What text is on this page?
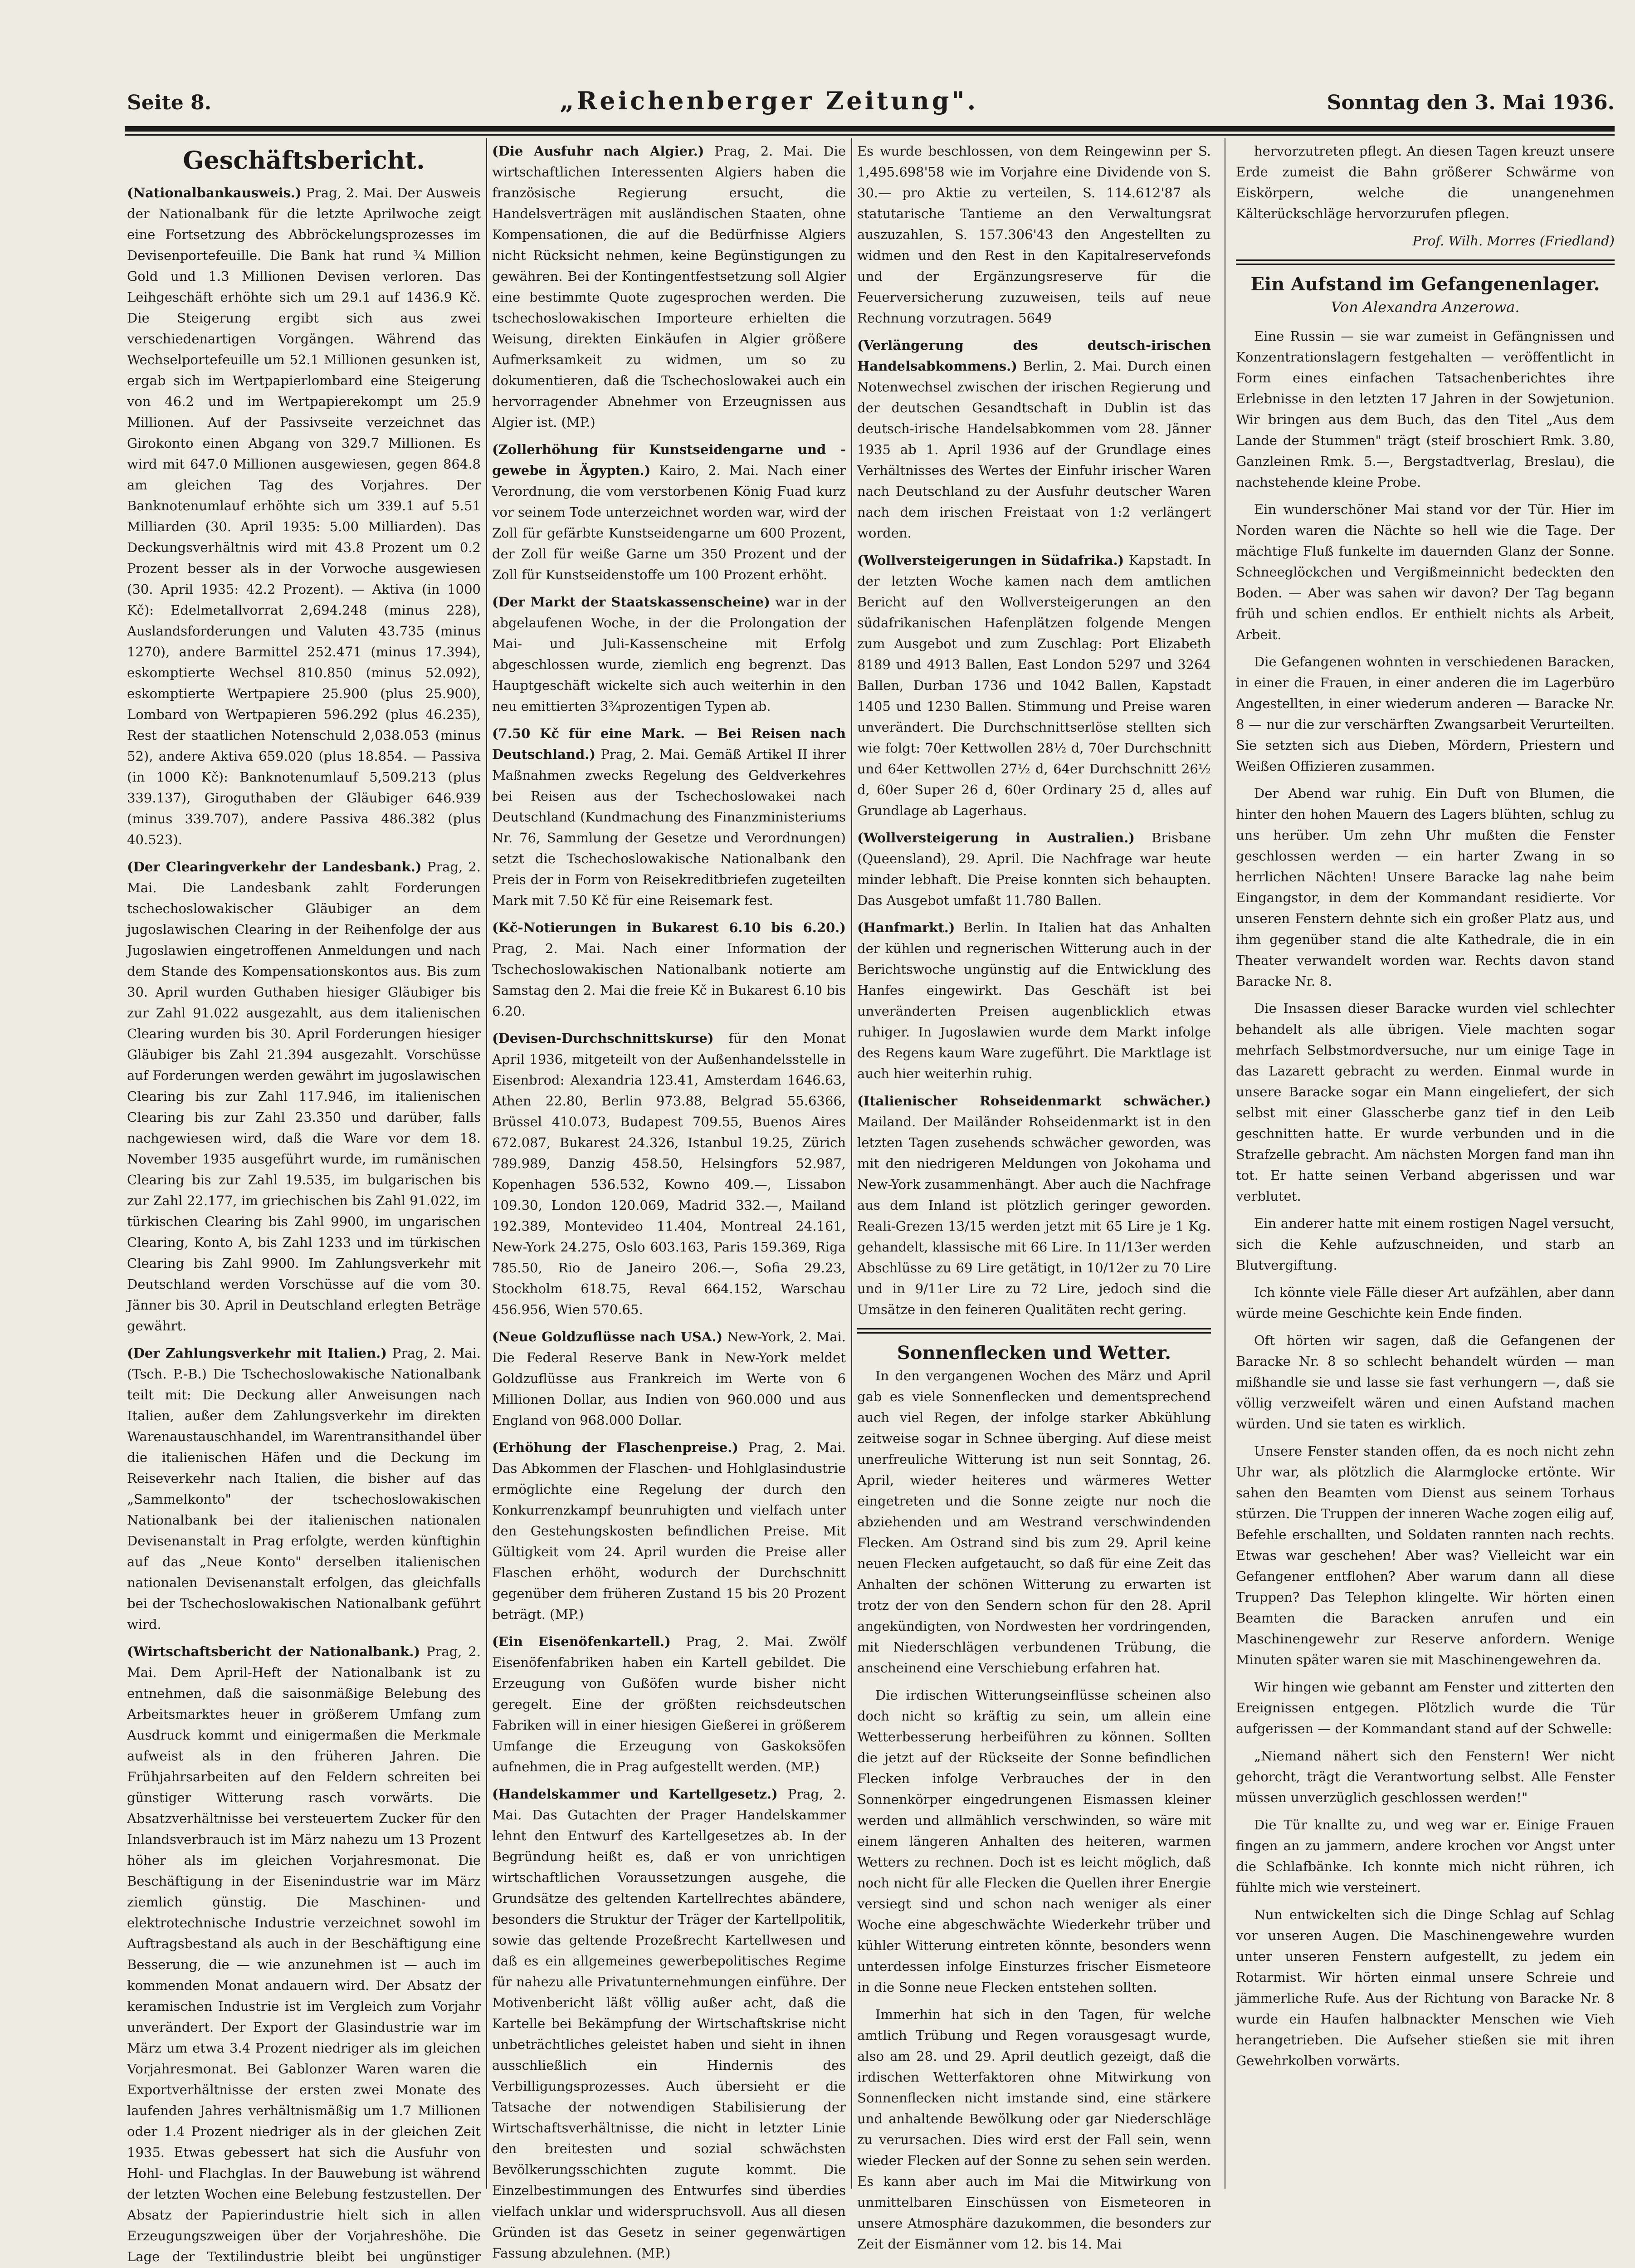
Seite 8.	„Reichenberger Zeitung".	Sonntag den 3. Mai 1936.
Geschäftsbericht.

(Nationalbankausweis.) Prag, 2. Mai. Der Ausweis der Nationalbank für die letzte Aprilwoche zeigt eine Fortsetzung des Abbröckelungsprozesses im Devisenportefeuille. Die Bank hat rund ¾ Million Gold und 1.3 Millionen Devisen verloren. Das Leihgeschäft erhöhte sich um 29.1 auf 1436.9 Kč. Die Steigerung ergibt sich aus zwei verschiedenartigen Vorgängen. Während das Wechselportefeuille um 52.1 Millionen gesunken ist, ergab sich im Wertpapierlombard eine Steigerung von 46.2 und im Wertpapierekompt um 25.9 Millionen. Auf der Passivseite verzeichnet das Girokonto einen Abgang von 329.7 Millionen. Es wird mit 647.0 Millionen ausgewiesen, gegen 864.8 am gleichen Tag des Vorjahres. Der Banknotenumlauf erhöhte sich um 339.1 auf 5.51 Milliarden (30. April 1935: 5.00 Milliarden). Das Deckungsverhältnis wird mit 43.8 Prozent um 0.2 Prozent besser als in der Vorwoche ausgewiesen (30. April 1935: 42.2 Prozent). — Aktiva (in 1000 Kč): Edelmetallvorrat 2,694.248 (minus 228), Auslandsforderungen und Valuten 43.735 (minus 1270), andere Barmittel 252.471 (minus 17.394), eskomptierte Wechsel 810.850 (minus 52.092), eskomptierte Wertpapiere 25.900 (plus 25.900), Lombard von Wertpapieren 596.292 (plus 46.235), Rest der staatlichen Notenschuld 2,038.053 (minus 52), andere Aktiva 659.020 (plus 18.854. — Passiva (in 1000 Kč): Banknotenumlauf 5,509.213 (plus 339.137), Giroguthaben der Gläubiger 646.939 (minus 339.707), andere Passiva 486.382 (plus 40.523).

(Der Clearingverkehr der Landesbank.) Prag, 2. Mai. Die Landesbank zahlt Forderungen tschechoslowakischer Gläubiger an dem jugoslawischen Clearing in der Reihenfolge der aus Jugoslawien eingetroffenen Anmeldungen und nach dem Stande des Kompensationskontos aus. Bis zum 30. April wurden Guthaben hiesiger Gläubiger bis zur Zahl 91.022 ausgezahlt, aus dem italienischen Clearing wurden bis 30. April Forderungen hiesiger Gläubiger bis Zahl 21.394 ausgezahlt. Vorschüsse auf Forderungen werden gewährt im jugoslawischen Clearing bis zur Zahl 117.946, im italienischen Clearing bis zur Zahl 23.350 und darüber, falls nachgewiesen wird, daß die Ware vor dem 18. November 1935 ausgeführt wurde, im rumänischen Clearing bis zur Zahl 19.535, im bulgarischen bis zur Zahl 22.177, im griechischen bis Zahl 91.022, im türkischen Clearing bis Zahl 9900, im ungarischen Clearing, Konto A, bis Zahl 1233 und im türkischen Clearing bis Zahl 9900. Im Zahlungsverkehr mit Deutschland werden Vorschüsse auf die vom 30. Jänner bis 30. April in Deutschland erlegten Beträge gewährt.

(Der Zahlungsverkehr mit Italien.) Prag, 2. Mai. (Tsch. P.-B.) Die Tschechoslowakische Nationalbank teilt mit: Die Deckung aller Anweisungen nach Italien, außer dem Zahlungsverkehr im direkten Warenaustauschhandel, im Warentransithandel über die italienischen Häfen und die Deckung im Reiseverkehr nach Italien, die bisher auf das „Sammelkonto" der tschechoslowakischen Nationalbank bei der italienischen nationalen Devisenanstalt in Prag erfolgte, werden künftighin auf das „Neue Konto" derselben italienischen nationalen Devisenanstalt erfolgen, das gleichfalls bei der Tschechoslowakischen Nationalbank geführt wird.

(Wirtschaftsbericht der Nationalbank.) Prag, 2. Mai. Dem April-Heft der Nationalbank ist zu entnehmen, daß die saisonmäßige Belebung des Arbeitsmarktes heuer in größerem Umfang zum Ausdruck kommt und einigermaßen die Merkmale aufweist als in den früheren Jahren. Die Frühjahrsarbeiten auf den Feldern schreiten bei günstiger Witterung rasch vorwärts. Die Absatzverhältnisse bei versteuertem Zucker für den Inlandsverbrauch ist im März nahezu um 13 Prozent höher als im gleichen Vorjahresmonat. Die Beschäftigung in der Eisenindustrie war im März ziemlich günstig. Die Maschinen- und elektrotechnische Industrie verzeichnet sowohl im Auftragsbestand als auch in der Beschäftigung eine Besserung, die — wie anzunehmen ist — auch im kommenden Monat andauern wird. Der Absatz der keramischen Industrie ist im Vergleich zum Vorjahr unverändert. Der Export der Glasindustrie war im März um etwa 3.4 Prozent niedriger als im gleichen Vorjahresmonat. Bei Gablonzer Waren waren die Exportverhältnisse der ersten zwei Monate des laufenden Jahres verhältnismäßig um 1.7 Millionen oder 1.4 Prozent niedriger als in der gleichen Zeit 1935. Etwas gebessert hat sich die Ausfuhr von Hohl- und Flachglas. In der Bauwebung ist während der letzten Wochen eine Belebung festzustellen. Der Absatz der Papierindustrie hielt sich in allen Erzeugungszweigen über der Vorjahreshöhe. Die Lage der Textilindustrie bleibt bei ungünstiger

(Die Ausfuhr nach Algier.) Prag, 2. Mai. Die wirtschaftlichen Interessenten Algiers haben die französische Regierung ersucht, die Handelsverträgen mit ausländischen Staaten, ohne Kompensationen, die auf die Bedürfnisse Algiers nicht Rücksicht nehmen, keine Begünstigungen zu gewähren. Bei der Kontingentfestsetzung soll Algier eine bestimmte Quote zugesprochen werden. Die tschechoslowakischen Importeure erhielten die Weisung, direkten Einkäufen in Algier größere Aufmerksamkeit zu widmen, um so zu dokumentieren, daß die Tschechoslowakei auch ein hervorragender Abnehmer von Erzeugnissen aus Algier ist. (MP.)

(Zollerhöhung für Kunstseidengarne und -gewebe in Ägypten.) Kairo, 2. Mai. Nach einer Verordnung, die vom verstorbenen König Fuad kurz vor seinem Tode unterzeichnet worden war, wird der Zoll für gefärbte Kunstseidengarne um 600 Prozent, der Zoll für weiße Garne um 350 Prozent und der Zoll für Kunstseidenstoffe um 100 Prozent erhöht.

(Der Markt der Staatskassenscheine) war in der abgelaufenen Woche, in der die Prolongation der Mai- und Juli-Kassenscheine mit Erfolg abgeschlossen wurde, ziemlich eng begrenzt. Das Hauptgeschäft wickelte sich auch weiterhin in den neu emittierten 3¾prozentigen Typen ab.

(7.50 Kč für eine Mark. — Bei Reisen nach Deutschland.) Prag, 2. Mai. Gemäß Artikel II ihrer Maßnahmen zwecks Regelung des Geldverkehres bei Reisen aus der Tschechoslowakei nach Deutschland (Kundmachung des Finanzministeriums Nr. 76, Sammlung der Gesetze und Verordnungen) setzt die Tschechoslowakische Nationalbank den Preis der in Form von Reisekreditbriefen zugeteilten Mark mit 7.50 Kč für eine Reisemark fest.

(Kč-Notierungen in Bukarest 6.10 bis 6.20.) Prag, 2. Mai. Nach einer Information der Tschechoslowakischen Nationalbank notierte am Samstag den 2. Mai die freie Kč in Bukarest 6.10 bis 6.20.

(Devisen-Durchschnittskurse) für den Monat April 1936, mitgeteilt von der Außenhandelsstelle in Eisenbrod: Alexandria 123.41, Amsterdam 1646.63, Athen 22.80, Berlin 973.88, Belgrad 55.6366, Brüssel 410.073, Budapest 709.55, Buenos Aires 672.087, Bukarest 24.326, Istanbul 19.25, Zürich 789.989, Danzig 458.50, Helsingfors 52.987, Kopenhagen 536.532, Kowno 409.—, Lissabon 109.30, London 120.069, Madrid 332.—, Mailand 192.389, Montevideo 11.404, Montreal 24.161, New-York 24.275, Oslo 603.163, Paris 159.369, Riga 785.50, Rio de Janeiro 206.—, Sofia 29.23, Stockholm 618.75, Reval 664.152, Warschau 456.956, Wien 570.65.

(Neue Goldzuflüsse nach USA.) New-York, 2. Mai. Die Federal Reserve Bank in New-York meldet Goldzuflüsse aus Frankreich im Werte von 6 Millionen Dollar, aus Indien von 960.000 und aus England von 968.000 Dollar.

(Erhöhung der Flaschenpreise.) Prag, 2. Mai. Das Abkommen der Flaschen- und Hohlglasindustrie ermöglichte eine Regelung der durch den Konkurrenzkampf beunruhigten und vielfach unter den Gestehungskosten befindlichen Preise. Mit Gültigkeit vom 24. April wurden die Preise aller Flaschen erhöht, wodurch der Durchschnitt gegenüber dem früheren Zustand 15 bis 20 Prozent beträgt. (MP.)

(Ein Eisenöfenkartell.) Prag, 2. Mai. Zwölf Eisenöfenfabriken haben ein Kartell gebildet. Die Erzeugung von Gußöfen wurde bisher nicht geregelt. Eine der größten reichsdeutschen Fabriken will in einer hiesigen Gießerei in größerem Umfange die Erzeugung von Gaskoksöfen aufnehmen, die in Prag aufgestellt werden. (MP.)

(Handelskammer und Kartellgesetz.) Prag, 2. Mai. Das Gutachten der Prager Handelskammer lehnt den Entwurf des Kartellgesetzes ab. In der Begründung heißt es, daß er von unrichtigen wirtschaftlichen Voraussetzungen ausgehe, die Grundsätze des geltenden Kartellrechtes abändere, besonders die Struktur der Träger der Kartellpolitik, sowie das geltende Prozeßrecht Kartellwesen und daß es ein allgemeines gewerbepolitisches Regime für nahezu alle Privatunternehmungen einführe. Der Motivenbericht läßt völlig außer acht, daß die Kartelle bei Bekämpfung der Wirtschaftskrise nicht unbeträchtliches geleistet haben und sieht in ihnen ausschließlich ein Hindernis des Verbilligungsprozesses. Auch übersieht er die Tatsache der notwendigen Stabilisierung der Wirtschaftsverhältnisse, die nicht in letzter Linie den breitesten und sozial schwächsten Bevölkerungsschichten zugute kommt. Die Einzelbestimmungen des Entwurfes sind überdies vielfach unklar und widerspruchsvoll. Aus all diesen Gründen ist das Gesetz in seiner gegenwärtigen Fassung abzulehnen. (MP.)

Es wurde beschlossen, von dem Reingewinn per S. 1,495.698'58 wie im Vorjahre eine Dividende von S. 30.— pro Aktie zu verteilen, S. 114.612'87 als statutarische Tantieme an den Verwaltungsrat auszuzahlen, S. 157.306'43 den Angestellten zu widmen und den Rest in den Kapitalreservefonds und der Ergänzungsreserve für die Feuerversicherung zuzuweisen, teils auf neue Rechnung vorzutragen. 5649

(Verlängerung des deutsch-irischen Handelsabkommens.) Berlin, 2. Mai. Durch einen Notenwechsel zwischen der irischen Regierung und der deutschen Gesandtschaft in Dublin ist das deutsch-irische Handelsabkommen vom 28. Jänner 1935 ab 1. April 1936 auf der Grundlage eines Verhältnisses des Wertes der Einfuhr irischer Waren nach Deutschland zu der Ausfuhr deutscher Waren nach dem irischen Freistaat von 1:2 verlängert worden.

(Wollversteigerungen in Südafrika.) Kapstadt. In der letzten Woche kamen nach dem amtlichen Bericht auf den Wollversteigerungen an den südafrikanischen Hafenplätzen folgende Mengen zum Ausgebot und zum Zuschlag: Port Elizabeth 8189 und 4913 Ballen, East London 5297 und 3264 Ballen, Durban 1736 und 1042 Ballen, Kapstadt 1405 und 1230 Ballen. Stimmung und Preise waren unverändert. Die Durchschnittserlöse stellten sich wie folgt: 70er Kettwollen 28½ d, 70er Durchschnitt und 64er Kettwollen 27½ d, 64er Durchschnitt 26½ d, 60er Super 26 d, 60er Ordinary 25 d, alles auf Grundlage ab Lagerhaus.

(Wollversteigerung in Australien.) Brisbane (Queensland), 29. April. Die Nachfrage war heute minder lebhaft. Die Preise konnten sich behaupten. Das Ausgebot umfaßt 11.780 Ballen.

(Hanfmarkt.) Berlin. In Italien hat das Anhalten der kühlen und regnerischen Witterung auch in der Berichtswoche ungünstig auf die Entwicklung des Hanfes eingewirkt. Das Geschäft ist bei unveränderten Preisen augenblicklich etwas ruhiger. In Jugoslawien wurde dem Markt infolge des Regens kaum Ware zugeführt. Die Marktlage ist auch hier weiterhin ruhig.

(Italienischer Rohseidenmarkt schwächer.) Mailand. Der Mailänder Rohseidenmarkt ist in den letzten Tagen zusehends schwächer geworden, was mit den niedrigeren Meldungen von Jokohama und New-York zusammenhängt. Aber auch die Nachfrage aus dem Inland ist plötzlich geringer geworden. Reali-Grezen 13/15 werden jetzt mit 65 Lire je 1 Kg. gehandelt, klassische mit 66 Lire. In 11/13er werden Abschlüsse zu 69 Lire getätigt, in 10/12er zu 70 Lire und in 9/11er Lire zu 72 Lire, jedoch sind die Umsätze in den feineren Qualitäten recht gering.

Sonnenflecken und Wetter.

In den vergangenen Wochen des März und April gab es viele Sonnenflecken und dementsprechend auch viel Regen, der infolge starker Abkühlung zeitweise sogar in Schnee überging. Auf diese meist unerfreuliche Witterung ist nun seit Sonntag, 26. April, wieder heiteres und wärmeres Wetter eingetreten und die Sonne zeigte nur noch die abziehenden und am Westrand verschwindenden Flecken. Am Ostrand sind bis zum 29. April keine neuen Flecken aufgetaucht, so daß für eine Zeit das Anhalten der schönen Witterung zu erwarten ist trotz der von den Sendern schon für den 28. April angekündigten, von Nordwesten her vordringenden, mit Niederschlägen verbundenen Trübung, die anscheinend eine Verschiebung erfahren hat.

Die irdischen Witterungseinflüsse scheinen also doch nicht so kräftig zu sein, um allein eine Wetterbesserung herbeiführen zu können. Sollten die jetzt auf der Rückseite der Sonne befindlichen Flecken infolge Verbrauches der in den Sonnenkörper eingedrungenen Eismassen kleiner werden und allmählich verschwinden, so wäre mit einem längeren Anhalten des heiteren, warmen Wetters zu rechnen. Doch ist es leicht möglich, daß noch nicht für alle Flecken die Quellen ihrer Energie versiegt sind und schon nach weniger als einer Woche eine abgeschwächte Wiederkehr trüber und kühler Witterung eintreten könnte, besonders wenn unterdessen infolge Einsturzes frischer Eismeteore in die Sonne neue Flecken entstehen sollten.

Immerhin hat sich in den Tagen, für welche amtlich Trübung und Regen vorausgesagt wurde, also am 28. und 29. April deutlich gezeigt, daß die irdischen Wetterfaktoren ohne Mitwirkung von Sonnenflecken nicht imstande sind, eine stärkere und anhaltende Bewölkung oder gar Niederschläge zu verursachen. Dies wird erst der Fall sein, wenn wieder Flecken auf der Sonne zu sehen sein werden. Es kann aber auch im Mai die Mitwirkung von unmittelbaren Einschüssen von Eismeteoren in unsere Atmosphäre dazukommen, die besonders zur Zeit der Eismänner vom 12. bis 14. Mai

hervorzutreten pflegt. An diesen Tagen kreuzt unsere Erde zumeist die Bahn größerer Schwärme von Eiskörpern, welche die unangenehmen Kälterückschläge hervorzurufen pflegen.

Prof. Wilh. Morres (Friedland)
Ein Aufstand im Gefangenenlager.
Von Alexandra Anzerowa.

Eine Russin — sie war zumeist in Gefängnissen und Konzentrationslagern festgehalten — veröffentlicht in Form eines einfachen Tatsachenberichtes ihre Erlebnisse in den letzten 17 Jahren in der Sowjetunion. Wir bringen aus dem Buch, das den Titel „Aus dem Lande der Stummen" trägt (steif broschiert Rmk. 3.80, Ganzleinen Rmk. 5.—, Bergstadtverlag, Breslau), die nachstehende kleine Probe.

Ein wunderschöner Mai stand vor der Tür. Hier im Norden waren die Nächte so hell wie die Tage. Der mächtige Fluß funkelte im dauernden Glanz der Sonne. Schneeglöckchen und Vergißmeinnicht bedeckten den Boden. — Aber was sahen wir davon? Der Tag begann früh und schien endlos. Er enthielt nichts als Arbeit, Arbeit.

Die Gefangenen wohnten in verschiedenen Baracken, in einer die Frauen, in einer anderen die im Lagerbüro Angestellten, in einer wiederum anderen — Baracke Nr. 8 — nur die zur verschärften Zwangsarbeit Verurteilten. Sie setzten sich aus Dieben, Mördern, Priestern und Weißen Offizieren zusammen.

Der Abend war ruhig. Ein Duft von Blumen, die hinter den hohen Mauern des Lagers blühten, schlug zu uns herüber. Um zehn Uhr mußten die Fenster geschlossen werden — ein harter Zwang in so herrlichen Nächten! Unsere Baracke lag nahe beim Eingangstor, in dem der Kommandant residierte. Vor unseren Fenstern dehnte sich ein großer Platz aus, und ihm gegenüber stand die alte Kathedrale, die in ein Theater verwandelt worden war. Rechts davon stand Baracke Nr. 8.

Die Insassen dieser Baracke wurden viel schlechter behandelt als alle übrigen. Viele machten sogar mehrfach Selbstmordversuche, nur um einige Tage in das Lazarett gebracht zu werden. Einmal wurde in unsere Baracke sogar ein Mann eingeliefert, der sich selbst mit einer Glasscherbe ganz tief in den Leib geschnitten hatte. Er wurde verbunden und in die Strafzelle gebracht. Am nächsten Morgen fand man ihn tot. Er hatte seinen Verband abgerissen und war verblutet.

Ein anderer hatte mit einem rostigen Nagel versucht, sich die Kehle aufzuschneiden, und starb an Blutvergiftung.

Ich könnte viele Fälle dieser Art aufzählen, aber dann würde meine Geschichte kein Ende finden.

Oft hörten wir sagen, daß die Gefangenen der Baracke Nr. 8 so schlecht behandelt würden — man mißhandle sie und lasse sie fast verhungern —, daß sie völlig verzweifelt wären und einen Aufstand machen würden. Und sie taten es wirklich.

Unsere Fenster standen offen, da es noch nicht zehn Uhr war, als plötzlich die Alarmglocke ertönte. Wir sahen den Beamten vom Dienst aus seinem Torhaus stürzen. Die Truppen der inneren Wache zogen eilig auf, Befehle erschallten, und Soldaten rannten nach rechts. Etwas war geschehen! Aber was? Vielleicht war ein Gefangener entflohen? Aber warum dann all diese Truppen? Das Telephon klingelte. Wir hörten einen Beamten die Baracken anrufen und ein Maschinengewehr zur Reserve anfordern. Wenige Minuten später waren sie mit Maschinengewehren da.

Wir hingen wie gebannt am Fenster und zitterten den Ereignissen entgegen. Plötzlich wurde die Tür aufgerissen — der Kommandant stand auf der Schwelle:

„Niemand nähert sich den Fenstern! Wer nicht gehorcht, trägt die Verantwortung selbst. Alle Fenster müssen unverzüglich geschlossen werden!"

Die Tür knallte zu, und weg war er. Einige Frauen fingen an zu jammern, andere krochen vor Angst unter die Schlafbänke. Ich konnte mich nicht rühren, ich fühlte mich wie versteinert.

Nun entwickelten sich die Dinge Schlag auf Schlag vor unseren Augen. Die Maschinengewehre wurden unter unseren Fenstern aufgestellt, zu jedem ein Rotarmist. Wir hörten einmal unsere Schreie und jämmerliche Rufe. Aus der Richtung von Baracke Nr. 8 wurde ein Haufen halbnackter Menschen wie Vieh herangetrieben. Die Aufseher stießen sie mit ihren Gewehrkolben vorwärts.
